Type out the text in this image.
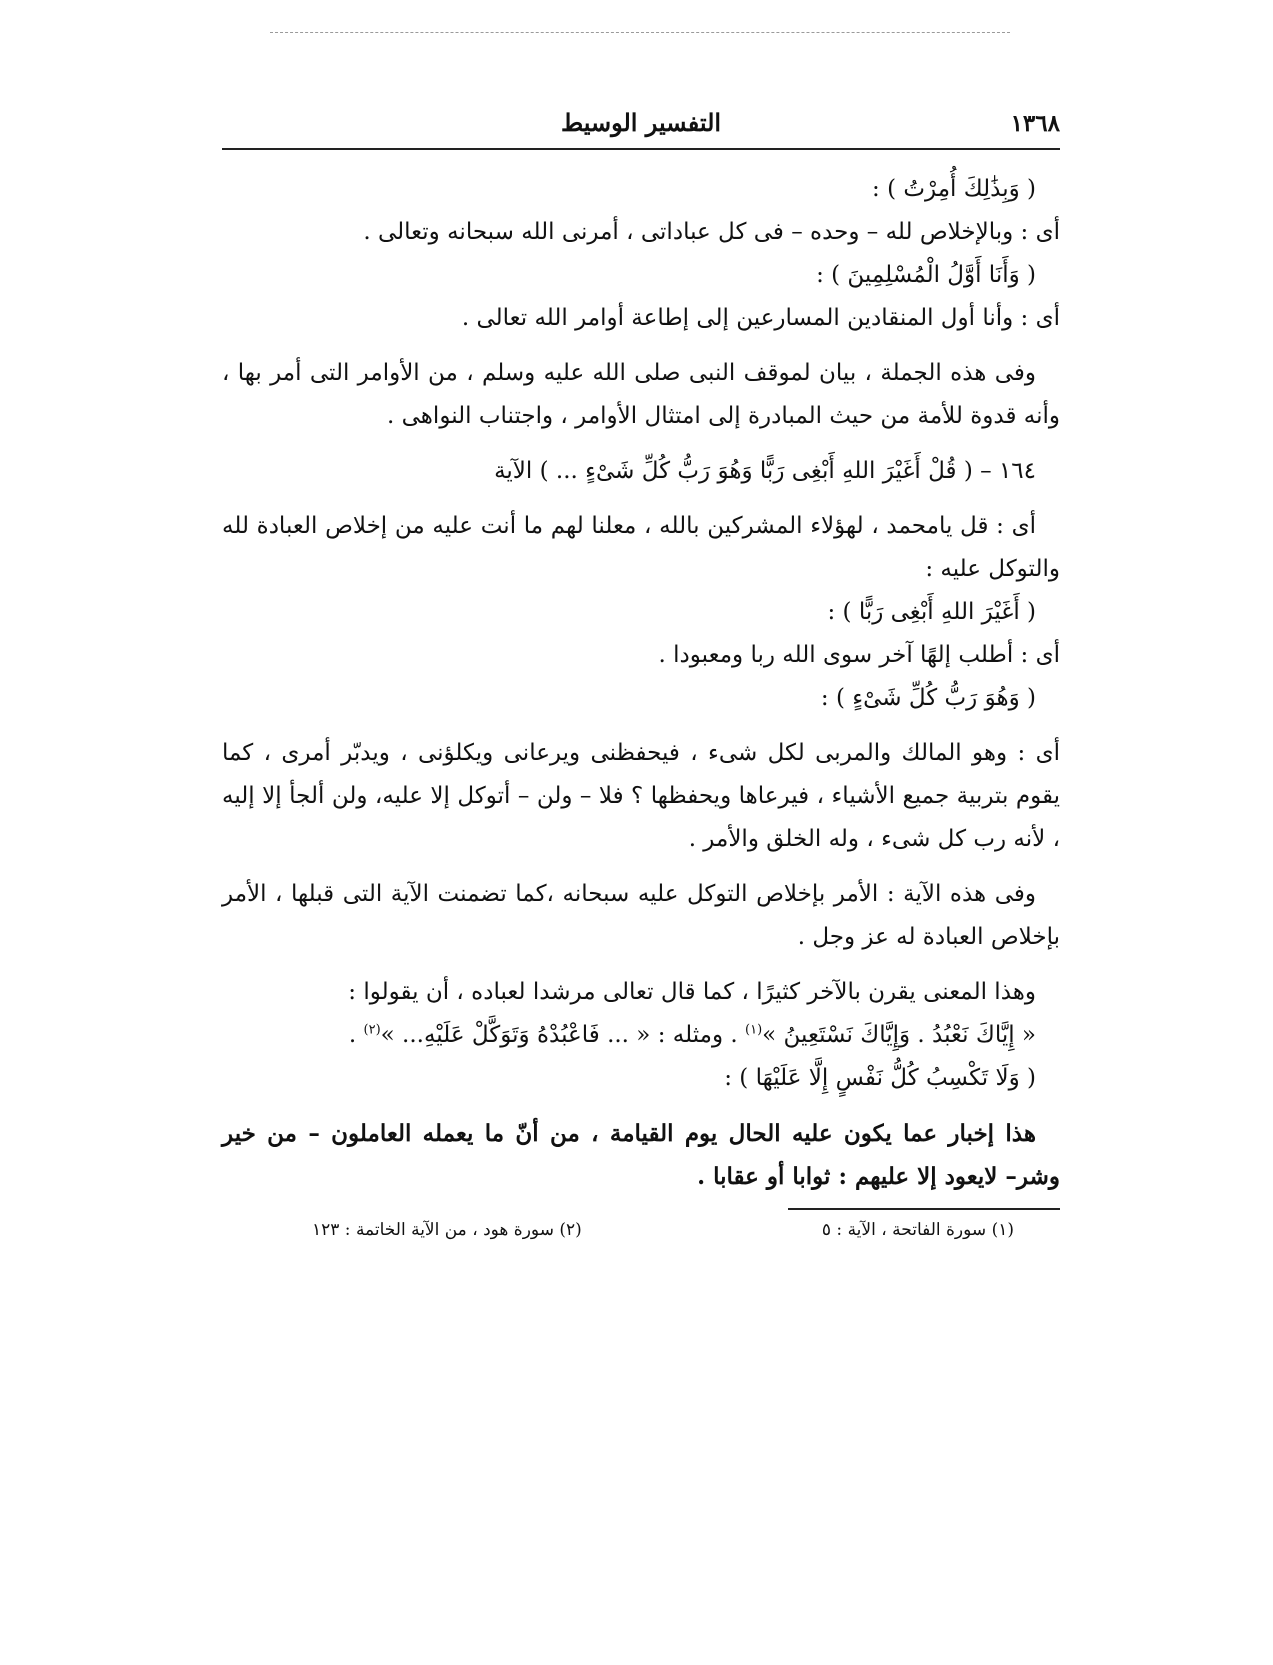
١٣٦٨
التفسير الوسيط

( وَبِذَٰلِكَ أُمِرْتُ ) :

أى : وبالإخلاص لله – وحده – فى كل عباداتى ، أمرنى الله سبحانه وتعالى .

( وَأَنَا أَوَّلُ الْمُسْلِمِينَ ) :

أى : وأنا أول المنقادين المسارعين إلى إطاعة أوامر الله تعالى .

وفى هذه الجملة ، بيان لموقف النبى صلى الله عليه وسلم ، من الأوامر التى أمر بها ، وأنه قدوة للأمة من حيث المبادرة إلى امتثال الأوامر ، واجتناب النواهى .

١٦٤ – ( قُلْ أَغَيْرَ اللهِ أَبْغِى رَبًّا وَهُوَ رَبُّ كُلِّ شَىْءٍ ... ) الآية

أى : قل يامحمد ، لهؤلاء المشركين بالله ، معلنا لهم ما أنت عليه من إخلاص العبادة لله والتوكل عليه :

( أَغَيْرَ اللهِ أَبْغِى رَبًّا ) :

أى : أطلب إلهًا آخر سوى الله ربا ومعبودا .

( وَهُوَ رَبُّ كُلِّ شَىْءٍ ) :

أى : وهو المالك والمربى لكل شىء ، فيحفظنى ويرعانى ويكلؤنى ، ويدبّر أمرى ، كما يقوم بتربية جميع الأشياء ، فيرعاها ويحفظها ؟ فلا – ولن – أتوكل إلا عليه، ولن ألجأ إلا إليه ، لأنه رب كل شىء ، وله الخلق والأمر .

وفى هذه الآية : الأمر بإخلاص التوكل عليه سبحانه ،كما تضمنت الآية التى قبلها ، الأمر بإخلاص العبادة له عز وجل .

وهذا المعنى يقرن بالآخر كثيرًا ، كما قال تعالى مرشدا لعباده ، أن يقولوا :

« إِيَّاكَ نَعْبُدُ . وَإِيَّاكَ نَسْتَعِينُ »$^{(١)}$ . ومثله : « ... فَاعْبُدْهُ وَتَوَكَّلْ عَلَيْهِ... »$^{(٢)}$ .

( وَلَا تَكْسِبُ كُلُّ نَفْسٍ إِلَّا عَلَيْهَا ) :

هذا إخبار عما يكون عليه الحال يوم القيامة ، من أنّ ما يعمله العاملون – من خير وشر– لايعود إلا عليهم : ثوابا أو عقابا .

(١) سورة الفاتحة ، الآية : ٥
(٢) سورة هود ، من الآية الخاتمة : ١٢٣
